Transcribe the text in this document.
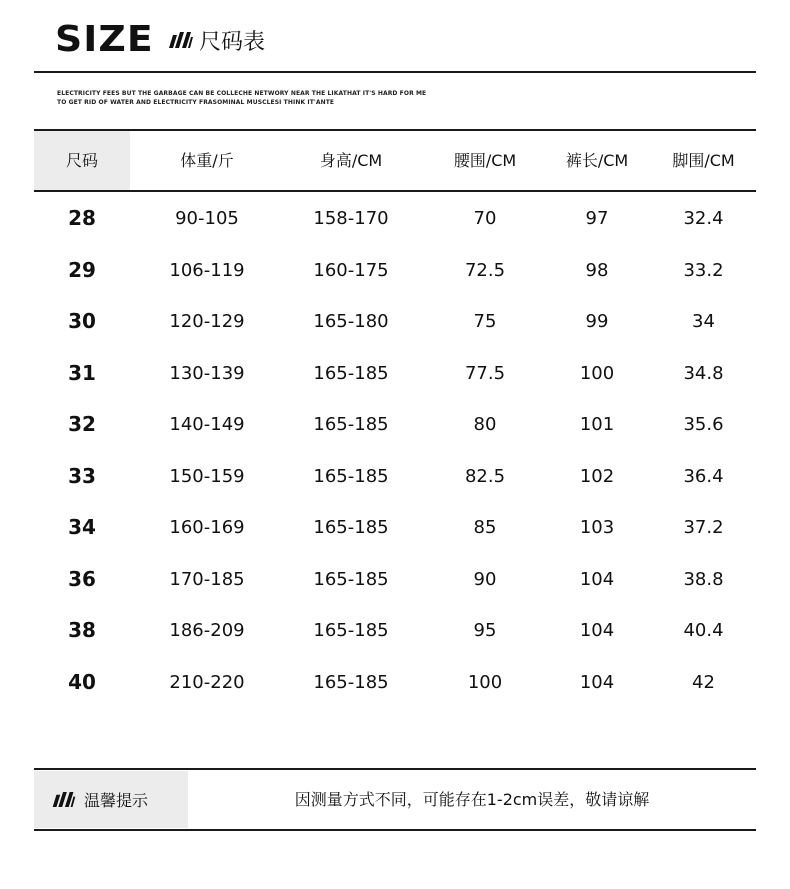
SIZE 尺码表
ELECTRICITY FEES BUT THE GARBAGE CAN BE COLLECHE NETWORY NEAR THE LIKATHAT IT'S HARD FOR ME TO GET RID OF WATER AND ELECTRICITY FRASOMINAL MUSCLESI THINK IT'ANTE
尺码	体重/斤	身高/CM	腰围/CM	裤长/CM	脚围/CM
28	90-105	158-170	70	97	32.4
29	106-119	160-175	72.5	98	33.2
30	120-129	165-180	75	99	34
31	130-139	165-185	77.5	100	34.8
32	140-149	165-185	80	101	35.6
33	150-159	165-185	82.5	102	36.4
34	160-169	165-185	85	103	37.2
36	170-185	165-185	90	104	38.8
38	186-209	165-185	95	104	40.4
40	210-220	165-185	100	104	42
温馨提示	因测量方式不同，可能存在1-2cm误差，敬请谅解
